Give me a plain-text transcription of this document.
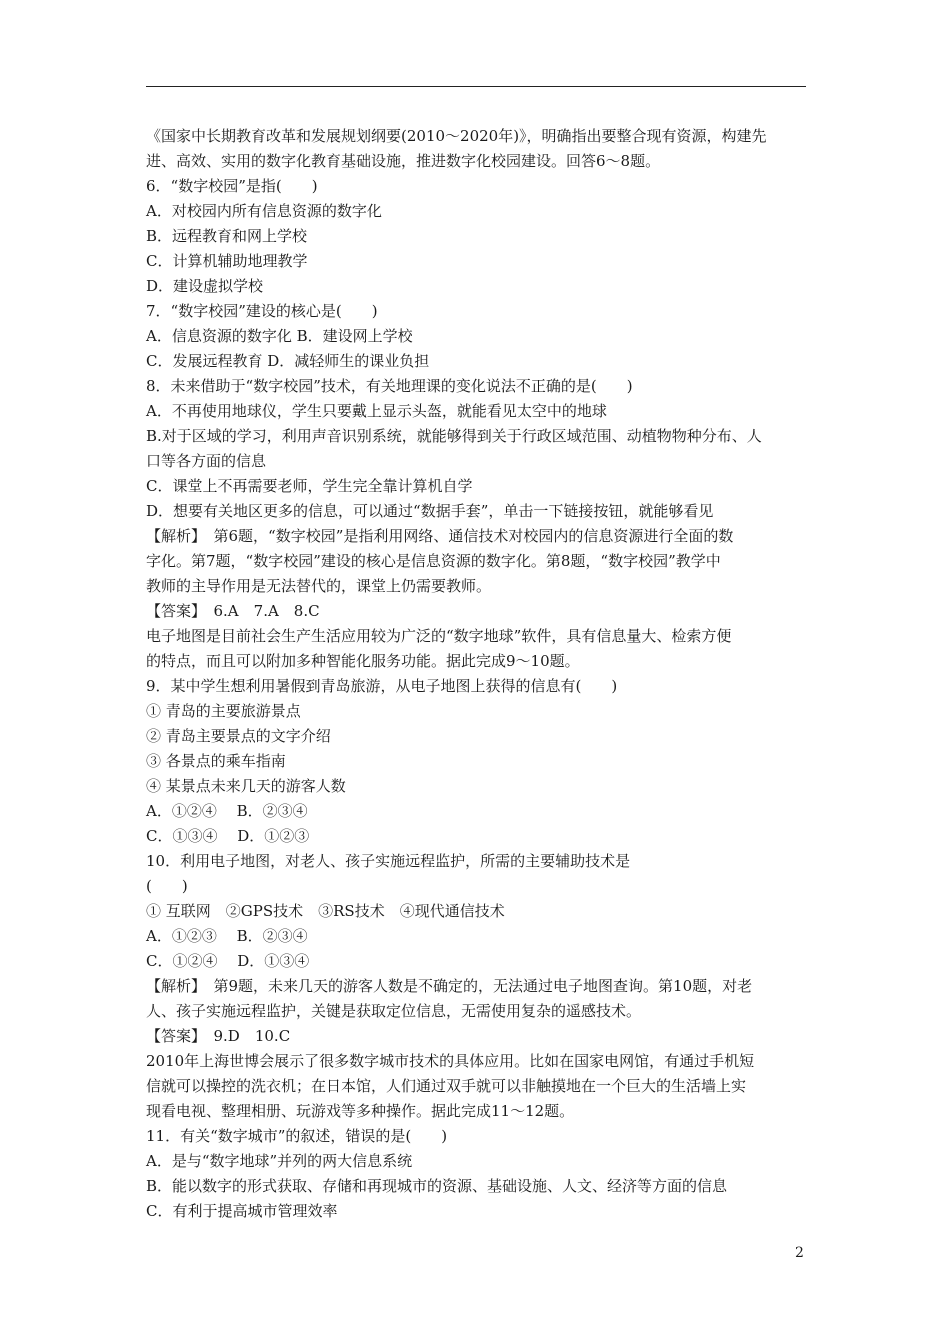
《国家中长期教育改革和发展规划纲要(2010～2020年)》，明确指出要整合现有资源，构建先
进、高效、实用的数字化教育基础设施，推进数字化校园建设。回答6～8题。
6．“数字校园”是指(　　)
A．对校园内所有信息资源的数字化
B．远程教育和网上学校
C．计算机辅助地理教学
D．建设虚拟学校
7．“数字校园”建设的核心是(　　)
A．信息资源的数字化 B．建设网上学校
C．发展远程教育 D．减轻师生的课业负担
8．未来借助于“数字校园”技术，有关地理课的变化说法不正确的是(　　)
A．不再使用地球仪，学生只要戴上显示头盔，就能看见太空中的地球
B.对于区域的学习，利用声音识别系统，就能够得到关于行政区域范围、动植物物种分布、人
口等各方面的信息
C．课堂上不再需要老师，学生完全靠计算机自学
D．想要有关地区更多的信息，可以通过“数据手套”，单击一下链接按钮，就能够看见
【解析】　第6题，“数字校园”是指利用网络、通信技术对校园内的信息资源进行全面的数
字化。第7题，“数字校园”建设的核心是信息资源的数字化。第8题，“数字校园”教学中
教师的主导作用是无法替代的，课堂上仍需要教师。
【答案】　6.A　7.A　8.C
电子地图是目前社会生产生活应用较为广泛的“数字地球”软件，具有信息量大、检索方便
的特点，而且可以附加多种智能化服务功能。据此完成9～10题。
9．某中学生想利用暑假到青岛旅游，从电子地图上获得的信息有(　　)
① 青岛的主要旅游景点
② 青岛主要景点的文字介绍
③ 各景点的乘车指南
④ 某景点未来几天的游客人数
A．①②④　 B．②③④
C．①③④　 D．①②③
10．利用电子地图，对老人、孩子实施远程监护，所需的主要辅助技术是
(　　)
① 互联网　②GPS技术　③RS技术　④现代通信技术
A．①②③　 B．②③④
C．①②④　 D．①③④
【解析】　第9题，未来几天的游客人数是不确定的，无法通过电子地图查询。第10题，对老
人、孩子实施远程监护，关键是获取定位信息，无需使用复杂的遥感技术。
【答案】　9.D　10.C
2010年上海世博会展示了很多数字城市技术的具体应用。比如在国家电网馆，有通过手机短
信就可以操控的洗衣机；在日本馆，人们通过双手就可以非触摸地在一个巨大的生活墙上实
现看电视、整理相册、玩游戏等多种操作。据此完成11～12题。
11．有关“数字城市”的叙述，错误的是(　　)
A．是与“数字地球”并列的两大信息系统
B．能以数字的形式获取、存储和再现城市的资源、基础设施、人文、经济等方面的信息
C．有利于提高城市管理效率
2
